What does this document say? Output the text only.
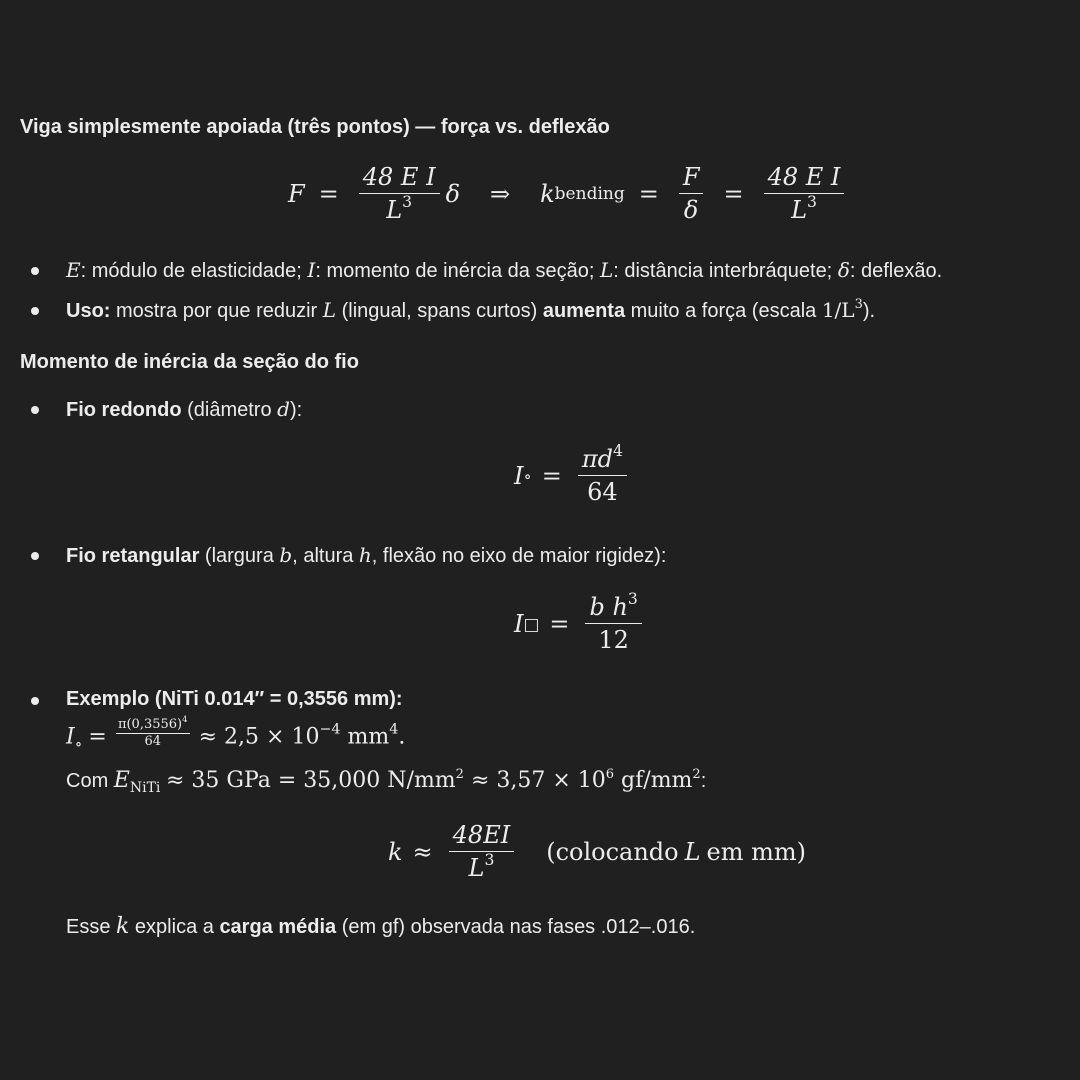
Viga simplesmente apoiada (três pontos) — força vs. deflexão
$F = \frac{\text{48 E I}}{L^3}$ δ ⇒ k bending = $\frac{F}{\delta} = \frac{\text{48 E I}}{L^3}$
E: módulo de elasticidade; I: momento de inércia da seção; L: distância interbráquete; δ: deflexão.
Uso: mostra por que reduzir L (lingual, spans curtos) aumenta muito a força (escala $1/L^3$).
Momento de inércia da seção do fio
Fio redondo (diâmetro d):
I ∘ = $\frac{\pi d^4}{64}$
Fio retangular (largura b, altura h, flexão no eixo de maior rigidez):
I □ = $\frac{b h^3}{12}$
Exemplo (NiTi 0.014″ = 0,3556 mm):
$I_\circ = \frac{\pi(0,3556)^4}{64} \approx 2,5 \times 10^{-4}$ $mm^4$.
Com $E_{NiTi} \approx 35$ GPa = 35,000 $N/mm^2 \approx 3,57 \times 10^6$ $gf/mm^2$:
$k \approx \frac{48EI}{L^3}$ (colocando L em mm)
Esse k explica a carga média (em gf) observada nas fases .012–.016.
